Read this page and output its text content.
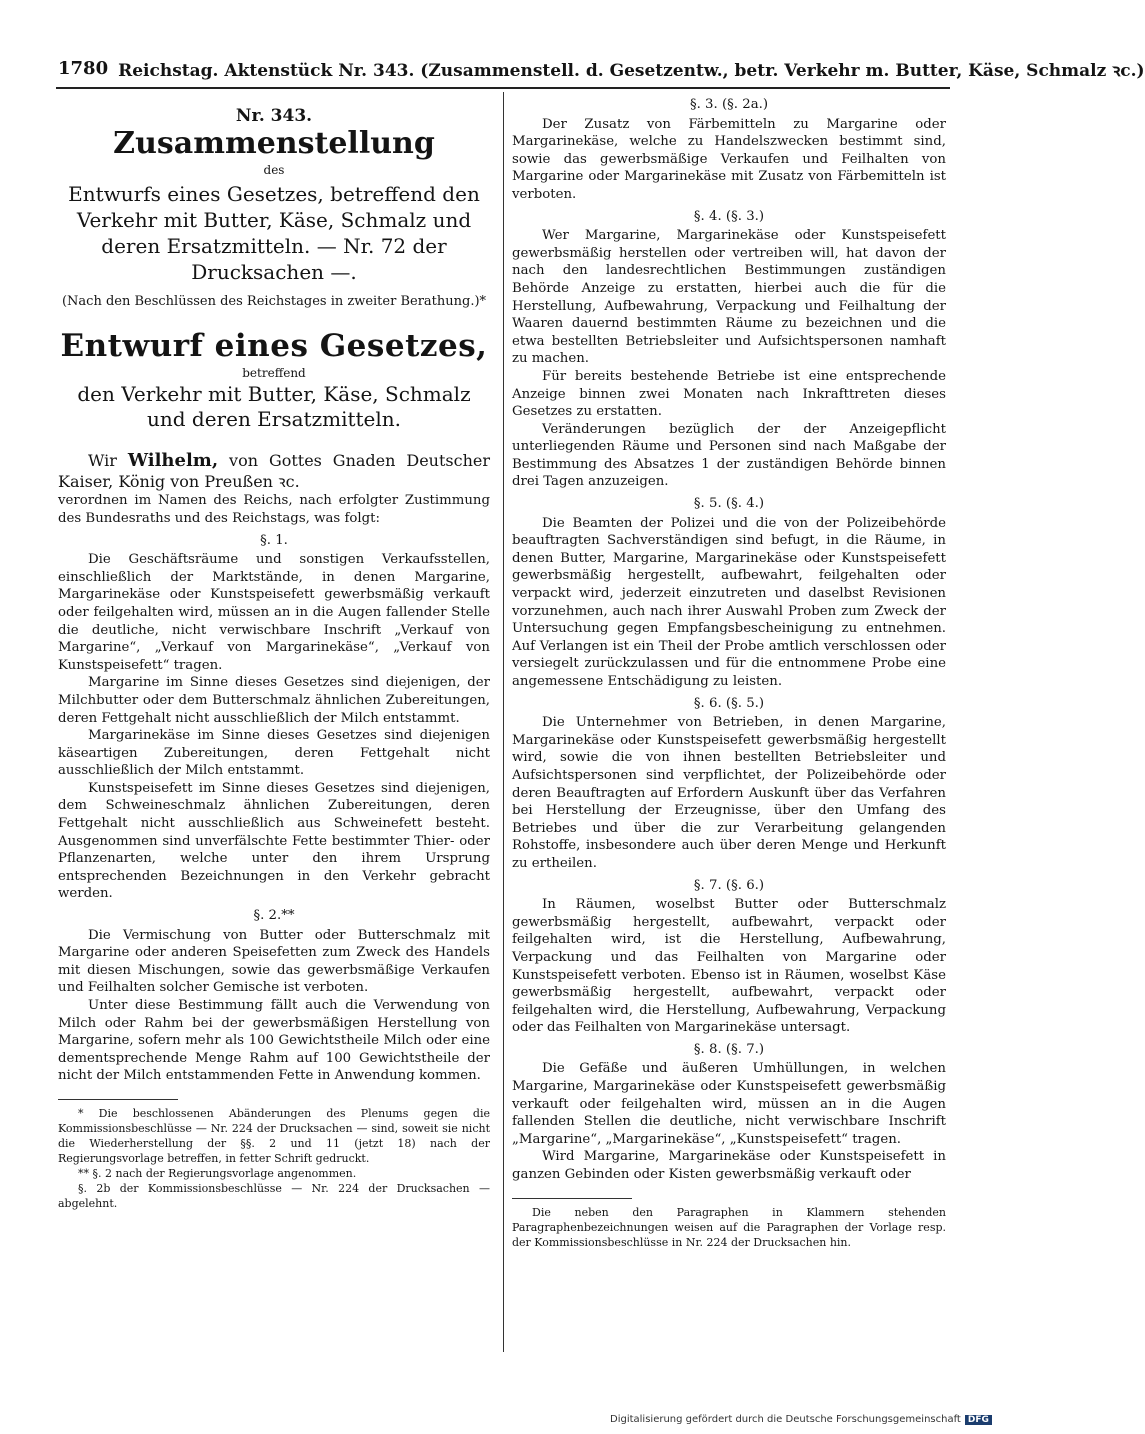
1780 Reichstag. Aktenstück Nr. 343. (Zusammenstell. d. Gesetzentw., betr. Verkehr m. Butter, Käse, Schmalz ꝛc.)
Nr. 343.
Zusammenstellung
des
Entwurfs eines Gesetzes, betreffend den Verkehr mit Butter, Käse, Schmalz und deren Ersatzmitteln. — Nr. 72 der Drucksachen —.
(Nach den Beschlüssen des Reichstages in zweiter Berathung.)*
Entwurf eines Gesetzes,
betreffend
den Verkehr mit Butter, Käse, Schmalz und deren Ersatzmitteln.

Wir Wilhelm, von Gottes Gnaden Deutscher Kaiser, König von Preußen ꝛc.

verordnen im Namen des Reichs, nach erfolgter Zustimmung des Bundesraths und des Reichstags, was folgt:

§. 1.

Die Geschäftsräume und sonstigen Verkaufsstellen, einschließlich der Marktstände, in denen Margarine, Margarinekäse oder Kunstspeisefett gewerbsmäßig verkauft oder feilgehalten wird, müssen an in die Augen fallender Stelle die deutliche, nicht verwischbare Inschrift „Verkauf von Margarine“, „Verkauf von Margarinekäse“, „Verkauf von Kunstspeisefett“ tragen.

Margarine im Sinne dieses Gesetzes sind diejenigen, der Milchbutter oder dem Butterschmalz ähnlichen Zubereitungen, deren Fettgehalt nicht ausschließlich der Milch entstammt.

Margarinekäse im Sinne dieses Gesetzes sind diejenigen käseartigen Zubereitungen, deren Fettgehalt nicht ausschließlich der Milch entstammt.

Kunstspeisefett im Sinne dieses Gesetzes sind diejenigen, dem Schweineschmalz ähnlichen Zubereitungen, deren Fettgehalt nicht ausschließlich aus Schweinefett besteht. Ausgenommen sind unverfälschte Fette bestimmter Thier- oder Pflanzenarten, welche unter den ihrem Ursprung entsprechenden Bezeichnungen in den Verkehr gebracht werden.

§. 2.**

Die Vermischung von Butter oder Butterschmalz mit Margarine oder anderen Speisefetten zum Zweck des Handels mit diesen Mischungen, sowie das gewerbsmäßige Verkaufen und Feilhalten solcher Gemische ist verboten.

Unter diese Bestimmung fällt auch die Verwendung von Milch oder Rahm bei der gewerbsmäßigen Herstellung von Margarine, sofern mehr als 100 Gewichtstheile Milch oder eine dementsprechende Menge Rahm auf 100 Gewichtstheile der nicht der Milch entstammenden Fette in Anwendung kommen.

* Die beschlossenen Abänderungen des Plenums gegen die Kommissionsbeschlüsse — Nr. 224 der Drucksachen — sind, soweit sie nicht die Wiederherstellung der §§. 2 und 11 (jetzt 18) nach der Regierungsvorlage betreffen, in fetter Schrift gedruckt.

** §. 2 nach der Regierungsvorlage angenommen.

§. 2b der Kommissionsbeschlüsse — Nr. 224 der Drucksachen — abgelehnt.

§. 3. (§. 2a.)

Der Zusatz von Färbemitteln zu Margarine oder Margarinekäse, welche zu Handelszwecken bestimmt sind, sowie das gewerbsmäßige Verkaufen und Feilhalten von Margarine oder Margarinekäse mit Zusatz von Färbemitteln ist verboten.

§. 4. (§. 3.)

Wer Margarine, Margarinekäse oder Kunstspeisefett gewerbsmäßig herstellen oder vertreiben will, hat davon der nach den landesrechtlichen Bestimmungen zuständigen Behörde Anzeige zu erstatten, hierbei auch die für die Herstellung, Aufbewahrung, Verpackung und Feilhaltung der Waaren dauernd bestimmten Räume zu bezeichnen und die etwa bestellten Betriebsleiter und Aufsichtspersonen namhaft zu machen.

Für bereits bestehende Betriebe ist eine entsprechende Anzeige binnen zwei Monaten nach Inkrafttreten dieses Gesetzes zu erstatten.

Veränderungen bezüglich der der Anzeigepflicht unterliegenden Räume und Personen sind nach Maßgabe der Bestimmung des Absatzes 1 der zuständigen Behörde binnen drei Tagen anzuzeigen.

§. 5. (§. 4.)

Die Beamten der Polizei und die von der Polizeibehörde beauftragten Sachverständigen sind befugt, in die Räume, in denen Butter, Margarine, Margarinekäse oder Kunstspeisefett gewerbsmäßig hergestellt, aufbewahrt, feilgehalten oder verpackt wird, jederzeit einzutreten und daselbst Revisionen vorzunehmen, auch nach ihrer Auswahl Proben zum Zweck der Untersuchung gegen Empfangsbescheinigung zu entnehmen. Auf Verlangen ist ein Theil der Probe amtlich verschlossen oder versiegelt zurückzulassen und für die entnommene Probe eine angemessene Entschädigung zu leisten.

§. 6. (§. 5.)

Die Unternehmer von Betrieben, in denen Margarine, Margarinekäse oder Kunstspeisefett gewerbsmäßig hergestellt wird, sowie die von ihnen bestellten Betriebsleiter und Aufsichtspersonen sind verpflichtet, der Polizeibehörde oder deren Beauftragten auf Erfordern Auskunft über das Verfahren bei Herstellung der Erzeugnisse, über den Umfang des Betriebes und über die zur Verarbeitung gelangenden Rohstoffe, insbesondere auch über deren Menge und Herkunft zu ertheilen.

§. 7. (§. 6.)

In Räumen, woselbst Butter oder Butterschmalz gewerbsmäßig hergestellt, aufbewahrt, verpackt oder feilgehalten wird, ist die Herstellung, Aufbewahrung, Verpackung und das Feilhalten von Margarine oder Kunstspeisefett verboten. Ebenso ist in Räumen, woselbst Käse gewerbsmäßig hergestellt, aufbewahrt, verpackt oder feilgehalten wird, die Herstellung, Aufbewahrung, Verpackung oder das Feilhalten von Margarinekäse untersagt.

§. 8. (§. 7.)

Die Gefäße und äußeren Umhüllungen, in welchen Margarine, Margarinekäse oder Kunstspeisefett gewerbsmäßig verkauft oder feilgehalten wird, müssen an in die Augen fallenden Stellen die deutliche, nicht verwischbare Inschrift „Margarine“, „Margarinekäse“, „Kunstspeisefett“ tragen.

Wird Margarine, Margarinekäse oder Kunstspeisefett in ganzen Gebinden oder Kisten gewerbsmäßig verkauft oder

Die neben den Paragraphen in Klammern stehenden Paragraphenbezeichnungen weisen auf die Paragraphen der Vorlage resp. der Kommissionsbeschlüsse in Nr. 224 der Drucksachen hin.

Digitalisierung gefördert durch die Deutsche Forschungsgemeinschaft DFG
